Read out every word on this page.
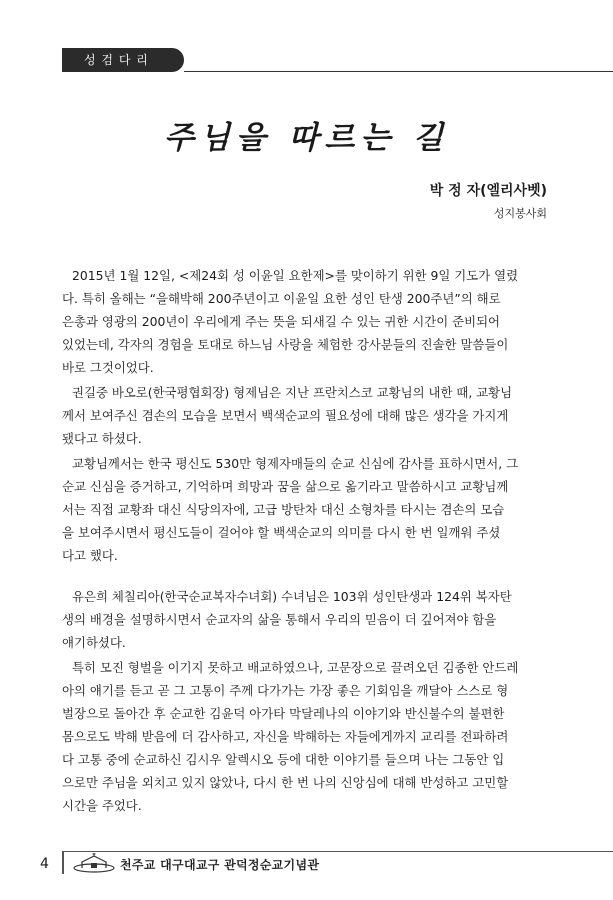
성 검 다 리
주님을 따르는 길
박 정 자(엘리사벳)
성지봉사회

2015년 1월 12일, <제24회 성 이윤일 요한제>를 맞이하기 위한 9일 기도가 열렸
다. 특히 올해는 “을해박해 200주년이고 이윤일 요한 성인 탄생 200주년”의 해로
은총과 영광의 200년이 우리에게 주는 뜻을 되새길 수 있는 귀한 시간이 준비되어
있었는데, 각자의 경험을 토대로 하느님 사랑을 체험한 강사분들의 진솔한 말씀들이
바로 그것이었다.

권길중 바오로(한국평협회장) 형제님은 지난 프란치스코 교황님의 내한 때, 교황님
께서 보여주신 겸손의 모습을 보면서 백색순교의 필요성에 대해 많은 생각을 가지게
됐다고 하셨다.

교황님께서는 한국 평신도 530만 형제자매들의 순교 신심에 감사를 표하시면서, 그
순교 신심을 증거하고, 기억하며 희망과 꿈을 삶으로 옮기라고 말씀하시고 교황님께
서는 직접 교황좌 대신 식당의자에, 고급 방탄차 대신 소형차를 타시는 겸손의 모습
을 보여주시면서 평신도들이 걸어야 할 백색순교의 의미를 다시 한 번 일깨워 주셨
다고 했다.

유은희 체칠리아(한국순교복자수녀회) 수녀님은 103위 성인탄생과 124위 복자탄
생의 배경을 설명하시면서 순교자의 삶을 통해서 우리의 믿음이 더 깊어져야 함을
얘기하셨다.

특히 모진 형벌을 이기지 못하고 배교하였으나, 고문장으로 끌려오던 김종한 안드레
아의 얘기를 듣고 곧 그 고통이 주께 다가가는 가장 좋은 기회임을 깨달아 스스로 형
벌장으로 돌아간 후 순교한 김윤덕 아가타 막달레나의 이야기와 반신불수의 불편한
몸으로도 박해 받음에 더 감사하고, 자신을 박해하는 자들에게까지 교리를 전파하려
다 고통 중에 순교하신 김시우 알렉시오 등에 대한 이야기를 들으며 나는 그동안 입
으로만 주님을 외치고 있지 않았나, 다시 한 번 나의 신앙심에 대해 반성하고 고민할
시간을 주었다.

4	천주교 대구대교구 관덕정순교기념관
